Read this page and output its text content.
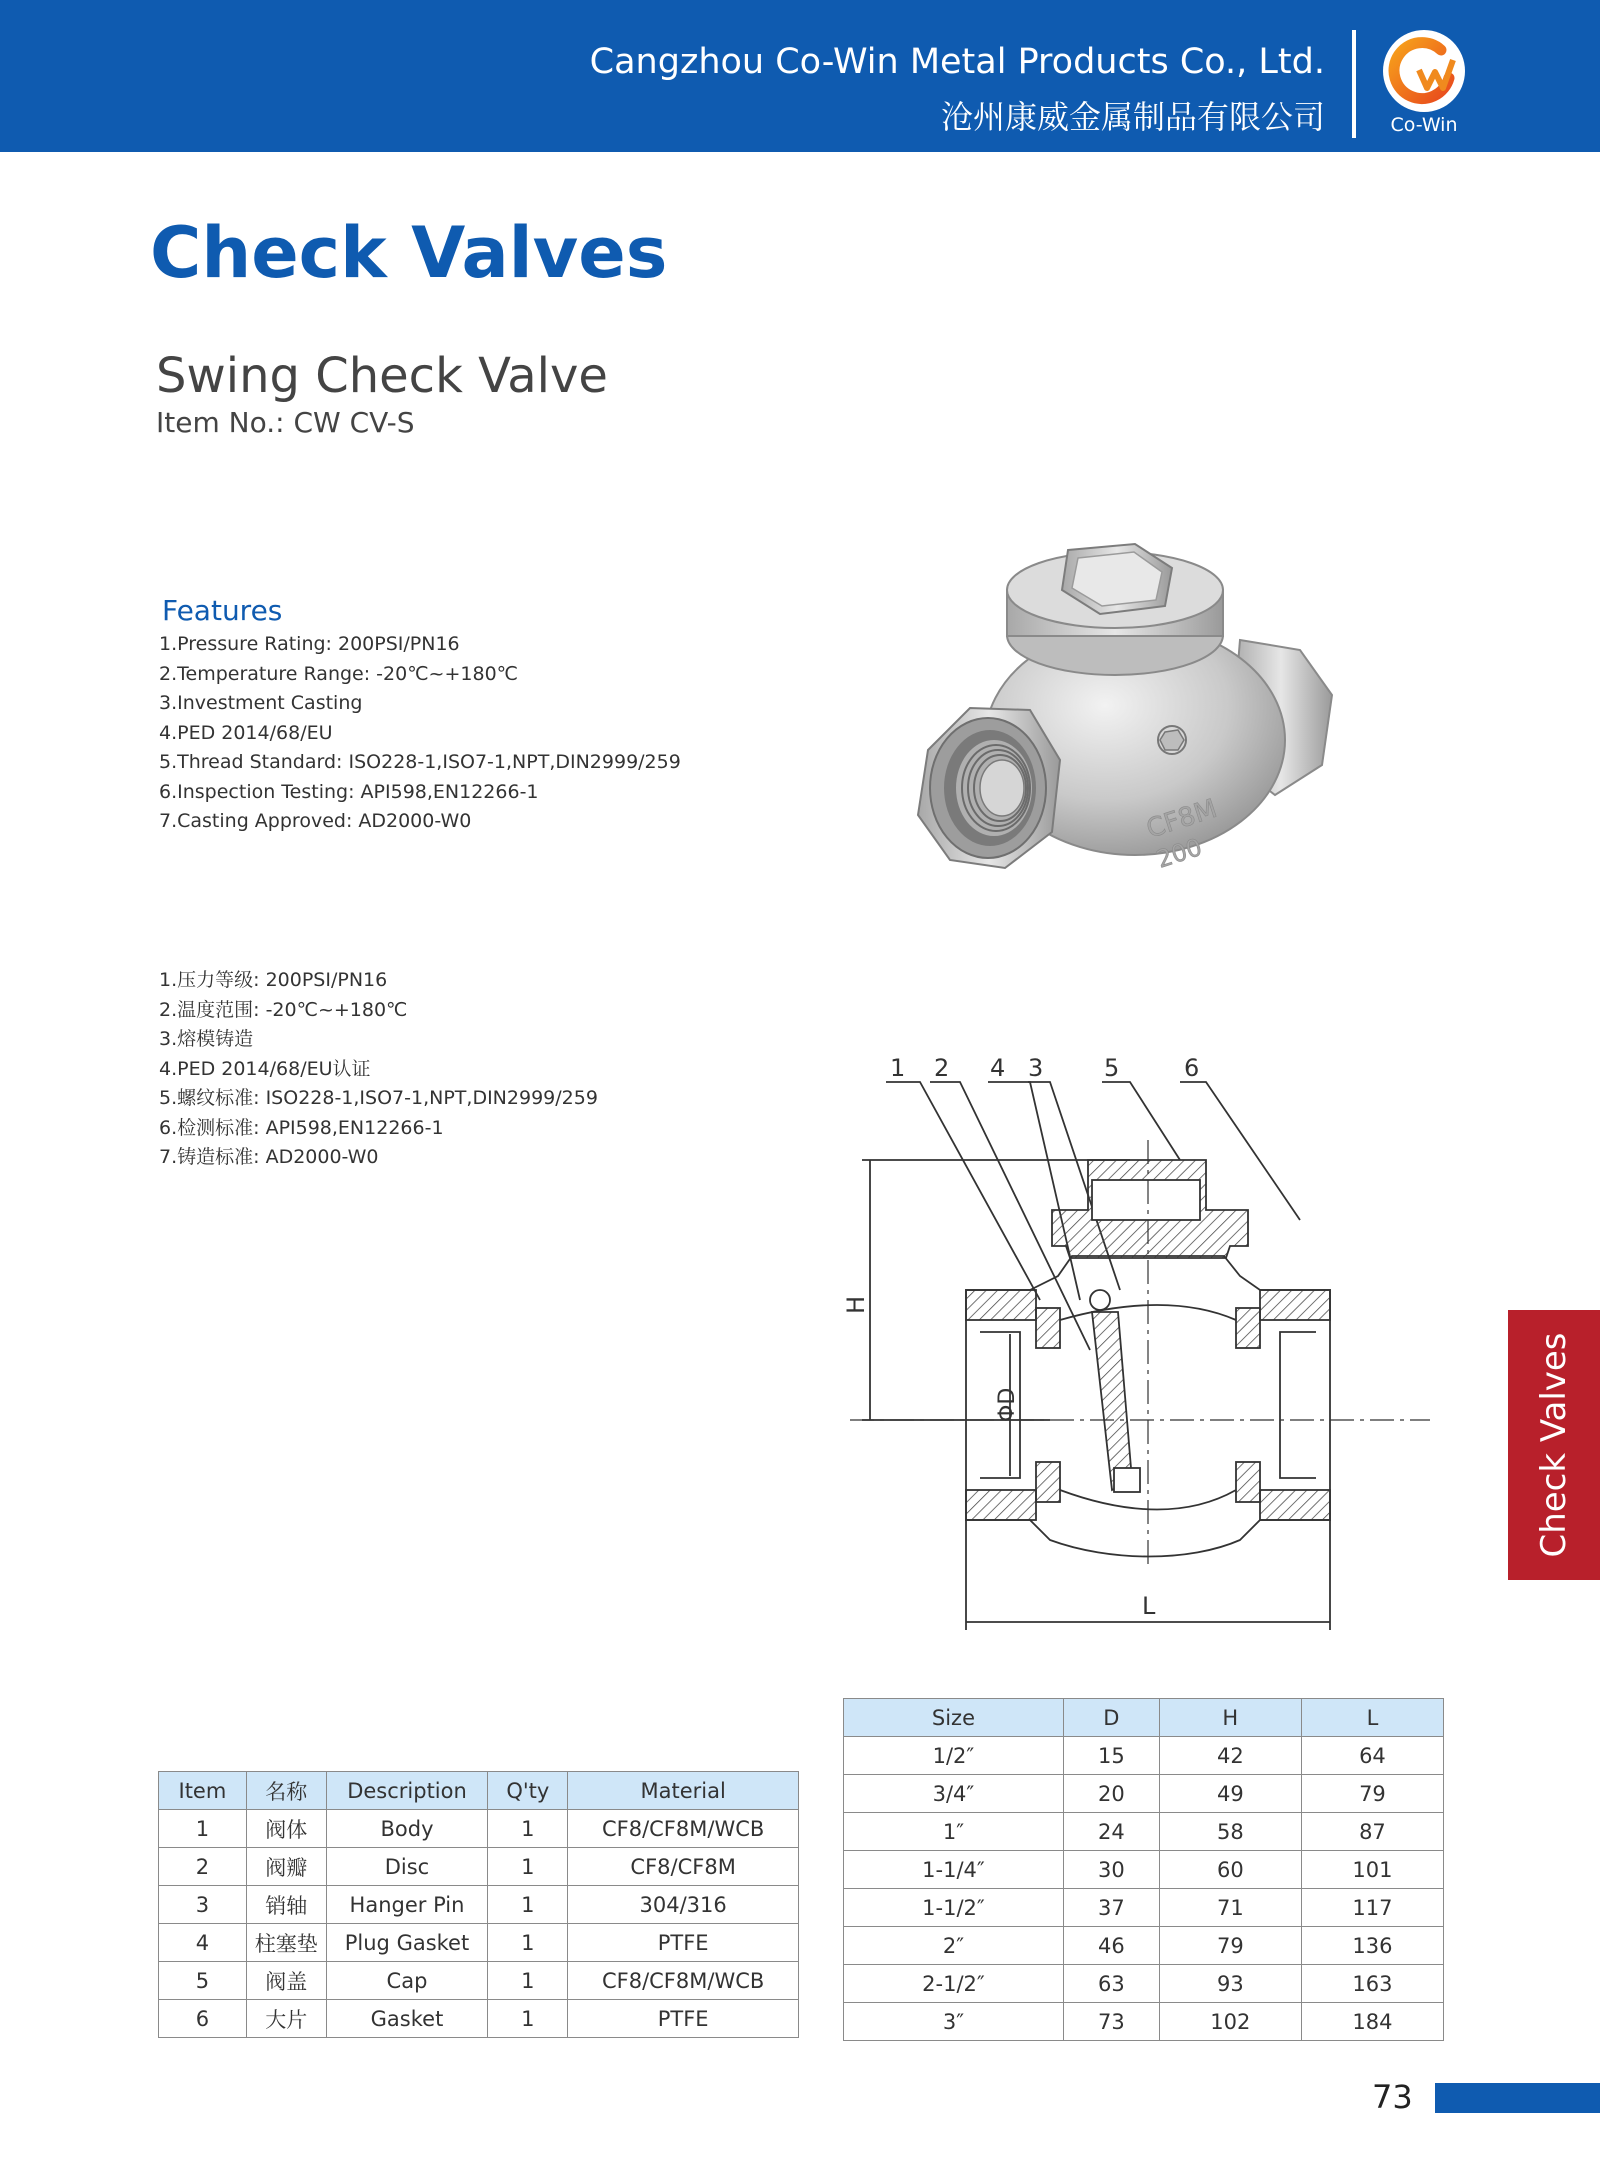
Cangzhou Co-Win Metal Products Co., Ltd.
沧州康威金属制品有限公司	Co-Win
Check Valves
Swing Check Valve
Item No.: CW CV-S
Features
1.Pressure Rating: 200PSI/PN16
2.Temperature Range: -20℃~+180℃
3.Investment Casting
4.PED 2014/68/EU
5.Thread Standard: ISO228-1,ISO7-1,NPT,DIN2999/259
6.Inspection Testing: API598,EN12266-1
7.Casting Approved: AD2000-W0
1.压力等级: 200PSI/PN16
2.温度范围: -20℃~+180℃
3.熔模铸造
4.PED 2014/68/EU认证
5.螺纹标准: ISO228-1,ISO7-1,NPT,DIN2999/259
6.检测标准: API598,EN12266-1
7.铸造标准: AD2000-W0
CF8M
200
1 2 4 3	5	6
H
ΦD
L
Check Valves
Size	D	H	L
1/2″	15	42	64
3/4″	20	49	79
1″	24	58	87
1-1/4″	30	60	101
1-1/2″	37	71	117
2″	46	79	136
2-1/2″	63	93	163
3″	73	102	184
Item	名称	Description	Q'ty	Material
1	阀体	Body	1	CF8/CF8M/WCB
2	阀瓣	Disc	1	CF8/CF8M
3	销轴	Hanger Pin	1	304/316
4	柱塞垫	Plug Gasket	1	PTFE
5	阀盖	Cap	1	CF8/CF8M/WCB
6	大片	Gasket	1	PTFE
73
